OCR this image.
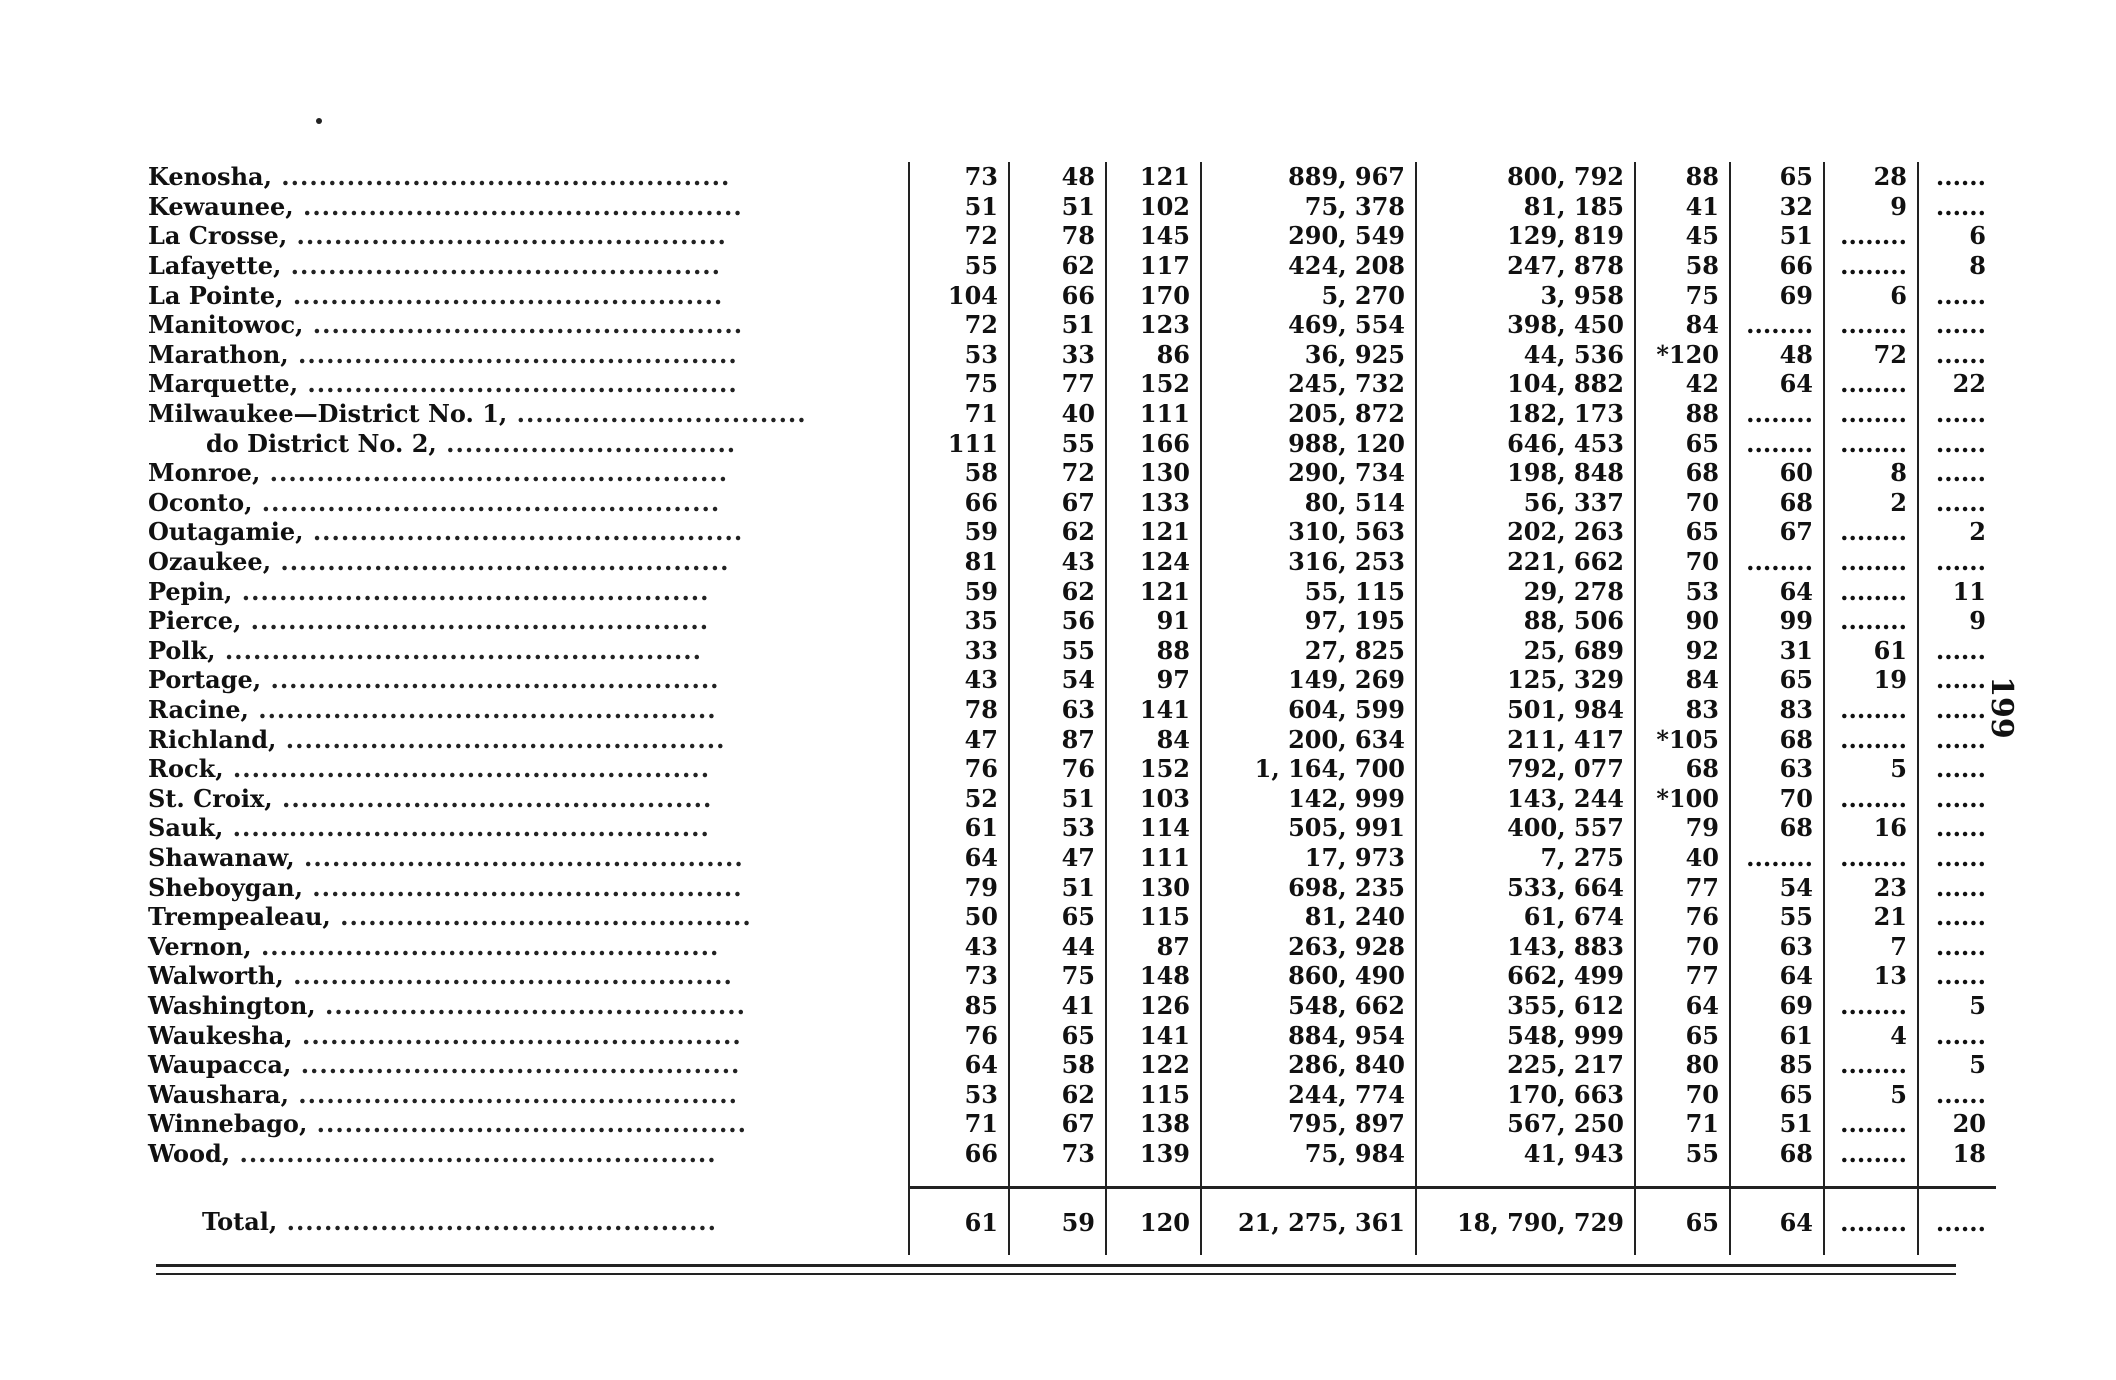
Kenosha, ................................................	73	48	121	889, 967	800, 792	88	65	28	......
Kewaunee, ...............................................	51	51	102	75, 378	81, 185	41	32	9	......
La Crosse, ..............................................	72	78	145	290, 549	129, 819	45	51	........	6
Lafayette, ..............................................	55	62	117	424, 208	247, 878	58	66	........	8
La Pointe, ..............................................	104	66	170	5, 270	3, 958	75	69	6	......
Manitowoc, ..............................................	72	51	123	469, 554	398, 450	84	........	........	......
Marathon, ...............................................	53	33	86	36, 925	44, 536	*120	48	72	......
Marquette, ..............................................	75	77	152	245, 732	104, 882	42	64	........	22
Milwaukee—District No. 1, ...............................	71	40	111	205, 872	182, 173	88	........	........	......
do District No. 2, ...............................	111	55	166	988, 120	646, 453	65	........	........	......
Monroe, .................................................	58	72	130	290, 734	198, 848	68	60	8	......
Oconto, .................................................	66	67	133	80, 514	56, 337	70	68	2	......
Outagamie, ..............................................	59	62	121	310, 563	202, 263	65	67	........	2
Ozaukee, ................................................	81	43	124	316, 253	221, 662	70	........	........	......
Pepin, ..................................................	59	62	121	55, 115	29, 278	53	64	........	11
Pierce, .................................................	35	56	91	97, 195	88, 506	90	99	........	9
Polk, ...................................................	33	55	88	27, 825	25, 689	92	31	61	......
Portage, ................................................	43	54	97	149, 269	125, 329	84	65	19	......
Racine, .................................................	78	63	141	604, 599	501, 984	83	83	........	......
Richland, ...............................................	47	87	84	200, 634	211, 417	*105	68	........	......
Rock, ...................................................	76	76	152	1, 164, 700	792, 077	68	63	5	......
St. Croix, ..............................................	52	51	103	142, 999	143, 244	*100	70	........	......
Sauk, ...................................................	61	53	114	505, 991	400, 557	79	68	16	......
Shawanaw, ...............................................	64	47	111	17, 973	7, 275	40	........	........	......
Sheboygan, ..............................................	79	51	130	698, 235	533, 664	77	54	23	......
Trempealeau, ............................................	50	65	115	81, 240	61, 674	76	55	21	......
Vernon, .................................................	43	44	87	263, 928	143, 883	70	63	7	......
Walworth, ...............................................	73	75	148	860, 490	662, 499	77	64	13	......
Washington, .............................................	85	41	126	548, 662	355, 612	64	69	........	5
Waukesha, ...............................................	76	65	141	884, 954	548, 999	65	61	4	......
Waupacca, ...............................................	64	58	122	286, 840	225, 217	80	85	........	5
Waushara, ...............................................	53	62	115	244, 774	170, 663	70	65	5	......
Winnebago, ..............................................	71	67	138	795, 897	567, 250	71	51	........	20
Wood, ...................................................	66	73	139	75, 984	41, 943	55	68	........	18

Total, ..............................................	61	59	120	21, 275, 361	18, 790, 729	65	64	........	......
199
